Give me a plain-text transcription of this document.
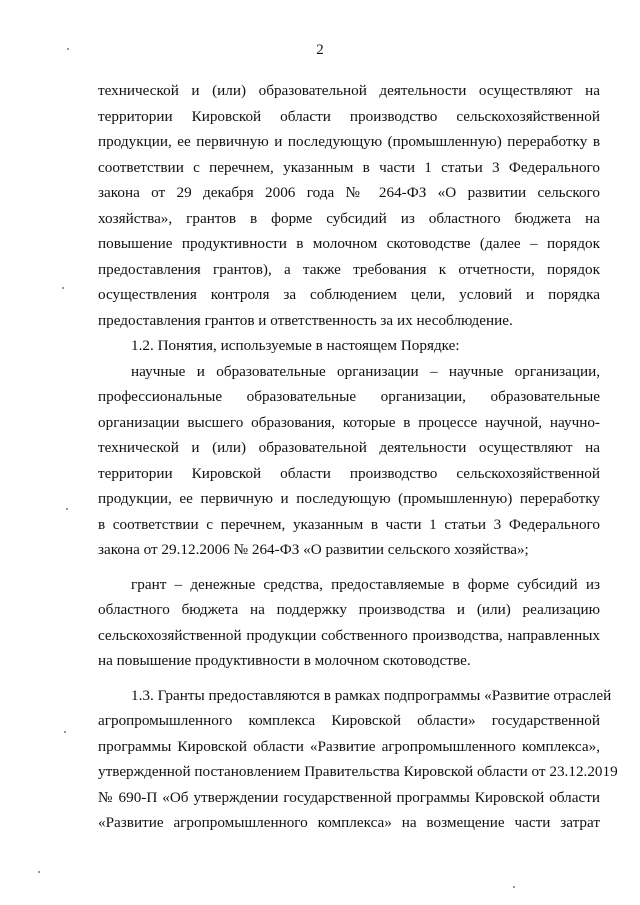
2
технической и (или) образовательной деятельности осуществляют на
территории Кировской области производство сельскохозяйственной
продукции, ее первичную и последующую (промышленную) переработку в
соответствии с перечнем, указанным в части 1 статьи 3 Федерального
закона от 29 декабря 2006 года № 264-ФЗ «О развитии сельского
хозяйства», грантов в форме субсидий из областного бюджета на
повышение продуктивности в молочном скотоводстве (далее – порядок
предоставления грантов), а также требования к отчетности, порядок
осуществления контроля за соблюдением цели, условий и порядка
предоставления грантов и ответственность за их несоблюдение.
1.2. Понятия, используемые в настоящем Порядке:
научные и образовательные организации – научные организации,
профессиональные образовательные организации, образовательные
организации высшего образования, которые в процессе научной, научно-
технической и (или) образовательной деятельности осуществляют на
территории Кировской области производство сельскохозяйственной
продукции, ее первичную и последующую (промышленную) переработку
в соответствии с перечнем, указанным в части 1 статьи 3 Федерального
закона от 29.12.2006 № 264-ФЗ «О развитии сельского хозяйства»;
грант – денежные средства, предоставляемые в форме субсидий из
областного бюджета на поддержку производства и (или) реализацию
сельскохозяйственной продукции собственного производства, направленных
на повышение продуктивности в молочном скотоводстве.
1.3. Гранты предоставляются в рамках подпрограммы «Развитие отраслей
агропромышленного комплекса Кировской области» государственной
программы Кировской области «Развитие агропромышленного комплекса»,
утвержденной постановлением Правительства Кировской области от 23.12.2019
№ 690-П «Об утверждении государственной программы Кировской области
«Развитие агропромышленного комплекса» на возмещение части затрат
